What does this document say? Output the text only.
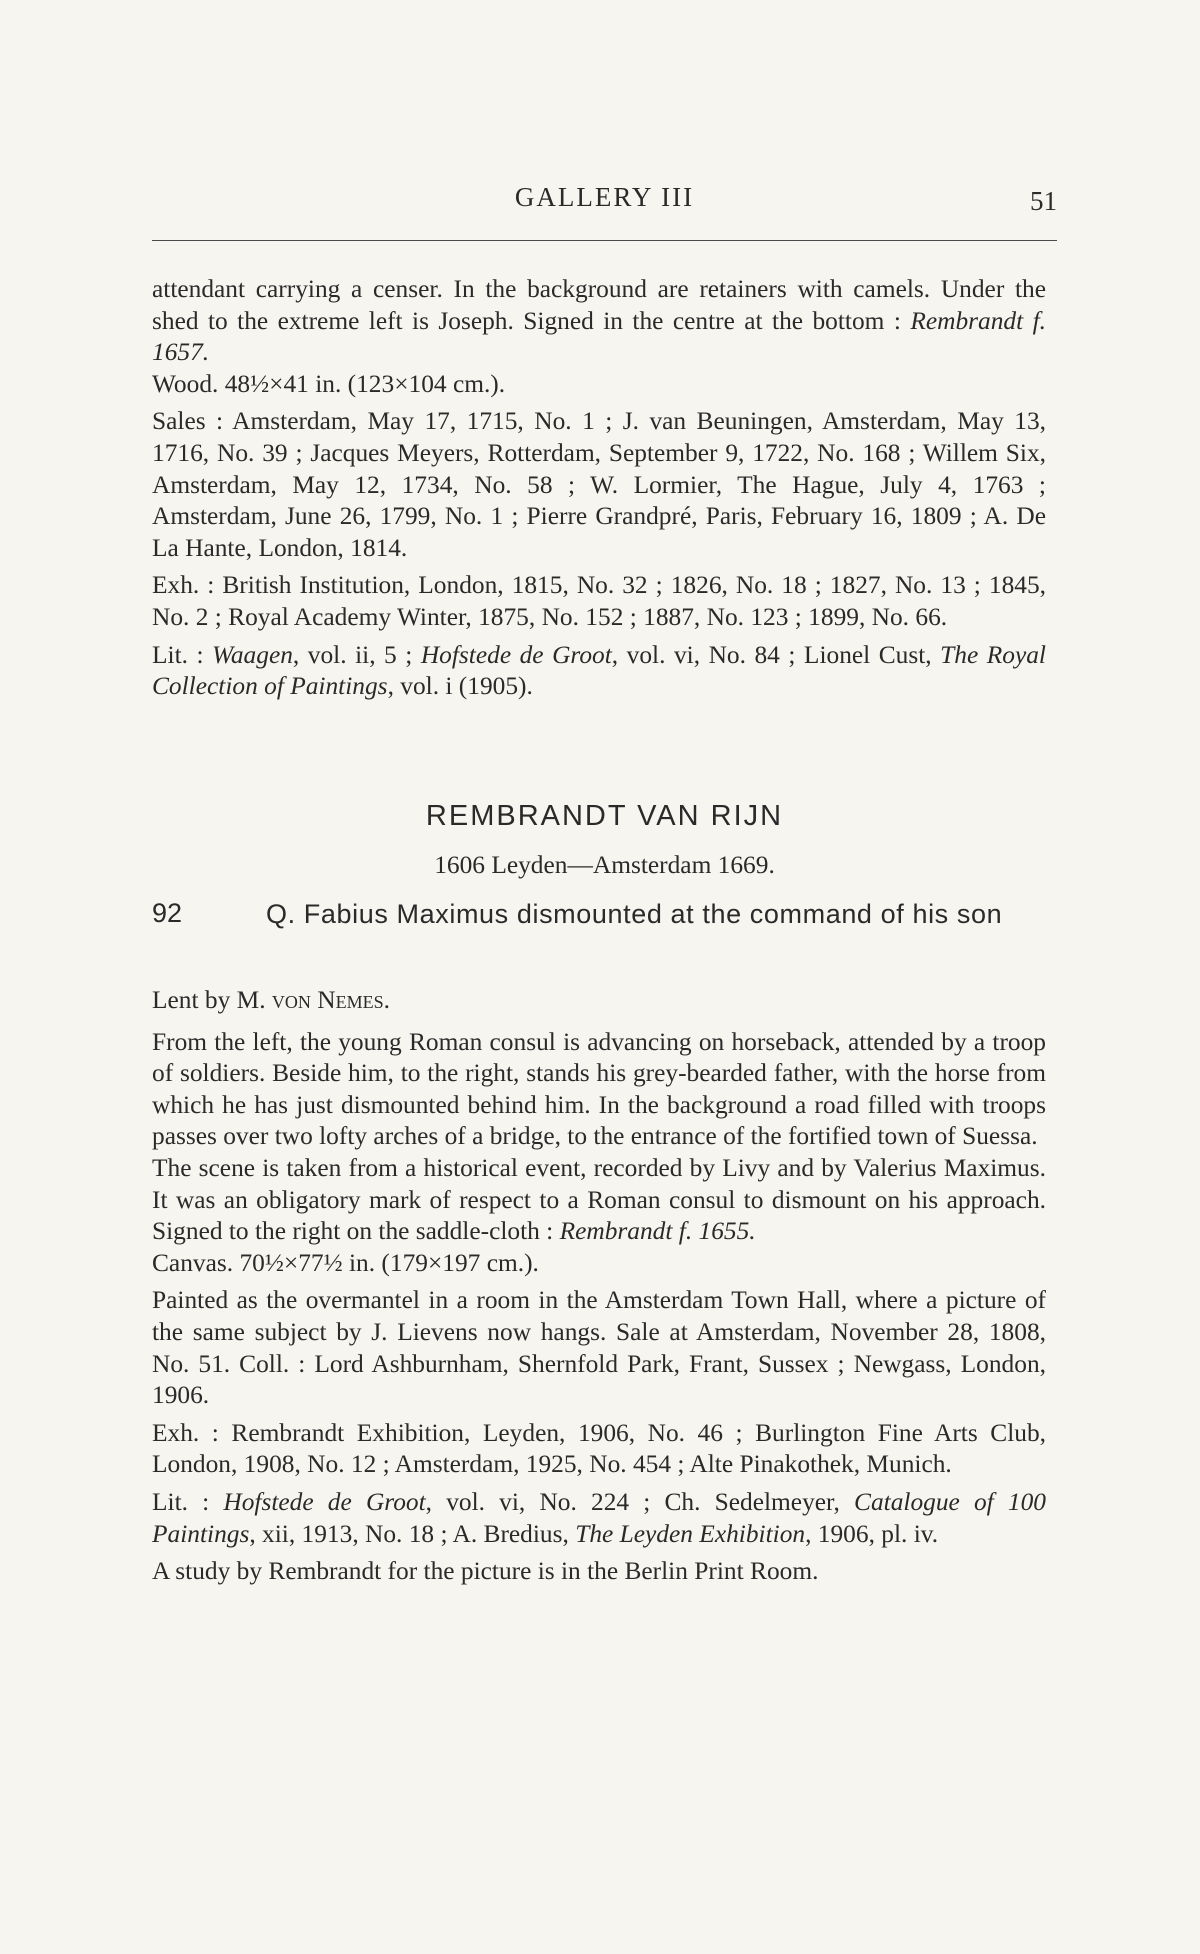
GALLERY III	51

attendant carrying a censer. In the background are retainers with camels. Under the shed to the extreme left is Joseph. Signed in the centre at the bottom : Rembrandt f. 1657.

Wood. 48½×41 in. (123×104 cm.).

Sales : Amsterdam, May 17, 1715, No. 1 ; J. van Beuningen, Amsterdam, May 13, 1716, No. 39 ; Jacques Meyers, Rotterdam, September 9, 1722, No. 168 ; Willem Six, Amsterdam, May 12, 1734, No. 58 ; W. Lormier, The Hague, July 4, 1763 ; Amsterdam, June 26, 1799, No. 1 ; Pierre Grandpré, Paris, February 16, 1809 ; A. De La Hante, London, 1814.

Exh. : British Institution, London, 1815, No. 32 ; 1826, No. 18 ; 1827, No. 13 ; 1845, No. 2 ; Royal Academy Winter, 1875, No. 152 ; 1887, No. 123 ; 1899, No. 66.

Lit. : Waagen, vol. ii, 5 ; Hofstede de Groot, vol. vi, No. 84 ; Lionel Cust, The Royal Collection of Paintings, vol. i (1905).

REMBRANDT VAN RIJN
1606 Leyden—Amsterdam 1669.
92	Q. Fabius Maximus dismounted at the command of his son

Lent by M. von Nemes.

From the left, the young Roman consul is advancing on horseback, attended by a troop of soldiers. Beside him, to the right, stands his grey-bearded father, with the horse from which he has just dismounted behind him. In the background a road filled with troops passes over two lofty arches of a bridge, to the entrance of the fortified town of Suessa.

The scene is taken from a historical event, recorded by Livy and by Valerius Maximus. It was an obligatory mark of respect to a Roman consul to dismount on his approach. Signed to the right on the saddle-cloth : Rembrandt f. 1655.

Canvas. 70½×77½ in. (179×197 cm.).

Painted as the overmantel in a room in the Amsterdam Town Hall, where a picture of the same subject by J. Lievens now hangs. Sale at Amsterdam, November 28, 1808, No. 51. Coll. : Lord Ashburnham, Shernfold Park, Frant, Sussex ; Newgass, London, 1906.

Exh. : Rembrandt Exhibition, Leyden, 1906, No. 46 ; Burlington Fine Arts Club, London, 1908, No. 12 ; Amsterdam, 1925, No. 454 ; Alte Pinakothek, Munich.

Lit. : Hofstede de Groot, vol. vi, No. 224 ; Ch. Sedelmeyer, Catalogue of 100 Paintings, xii, 1913, No. 18 ; A. Bredius, The Leyden Exhibition, 1906, pl. iv.

A study by Rembrandt for the picture is in the Berlin Print Room.
